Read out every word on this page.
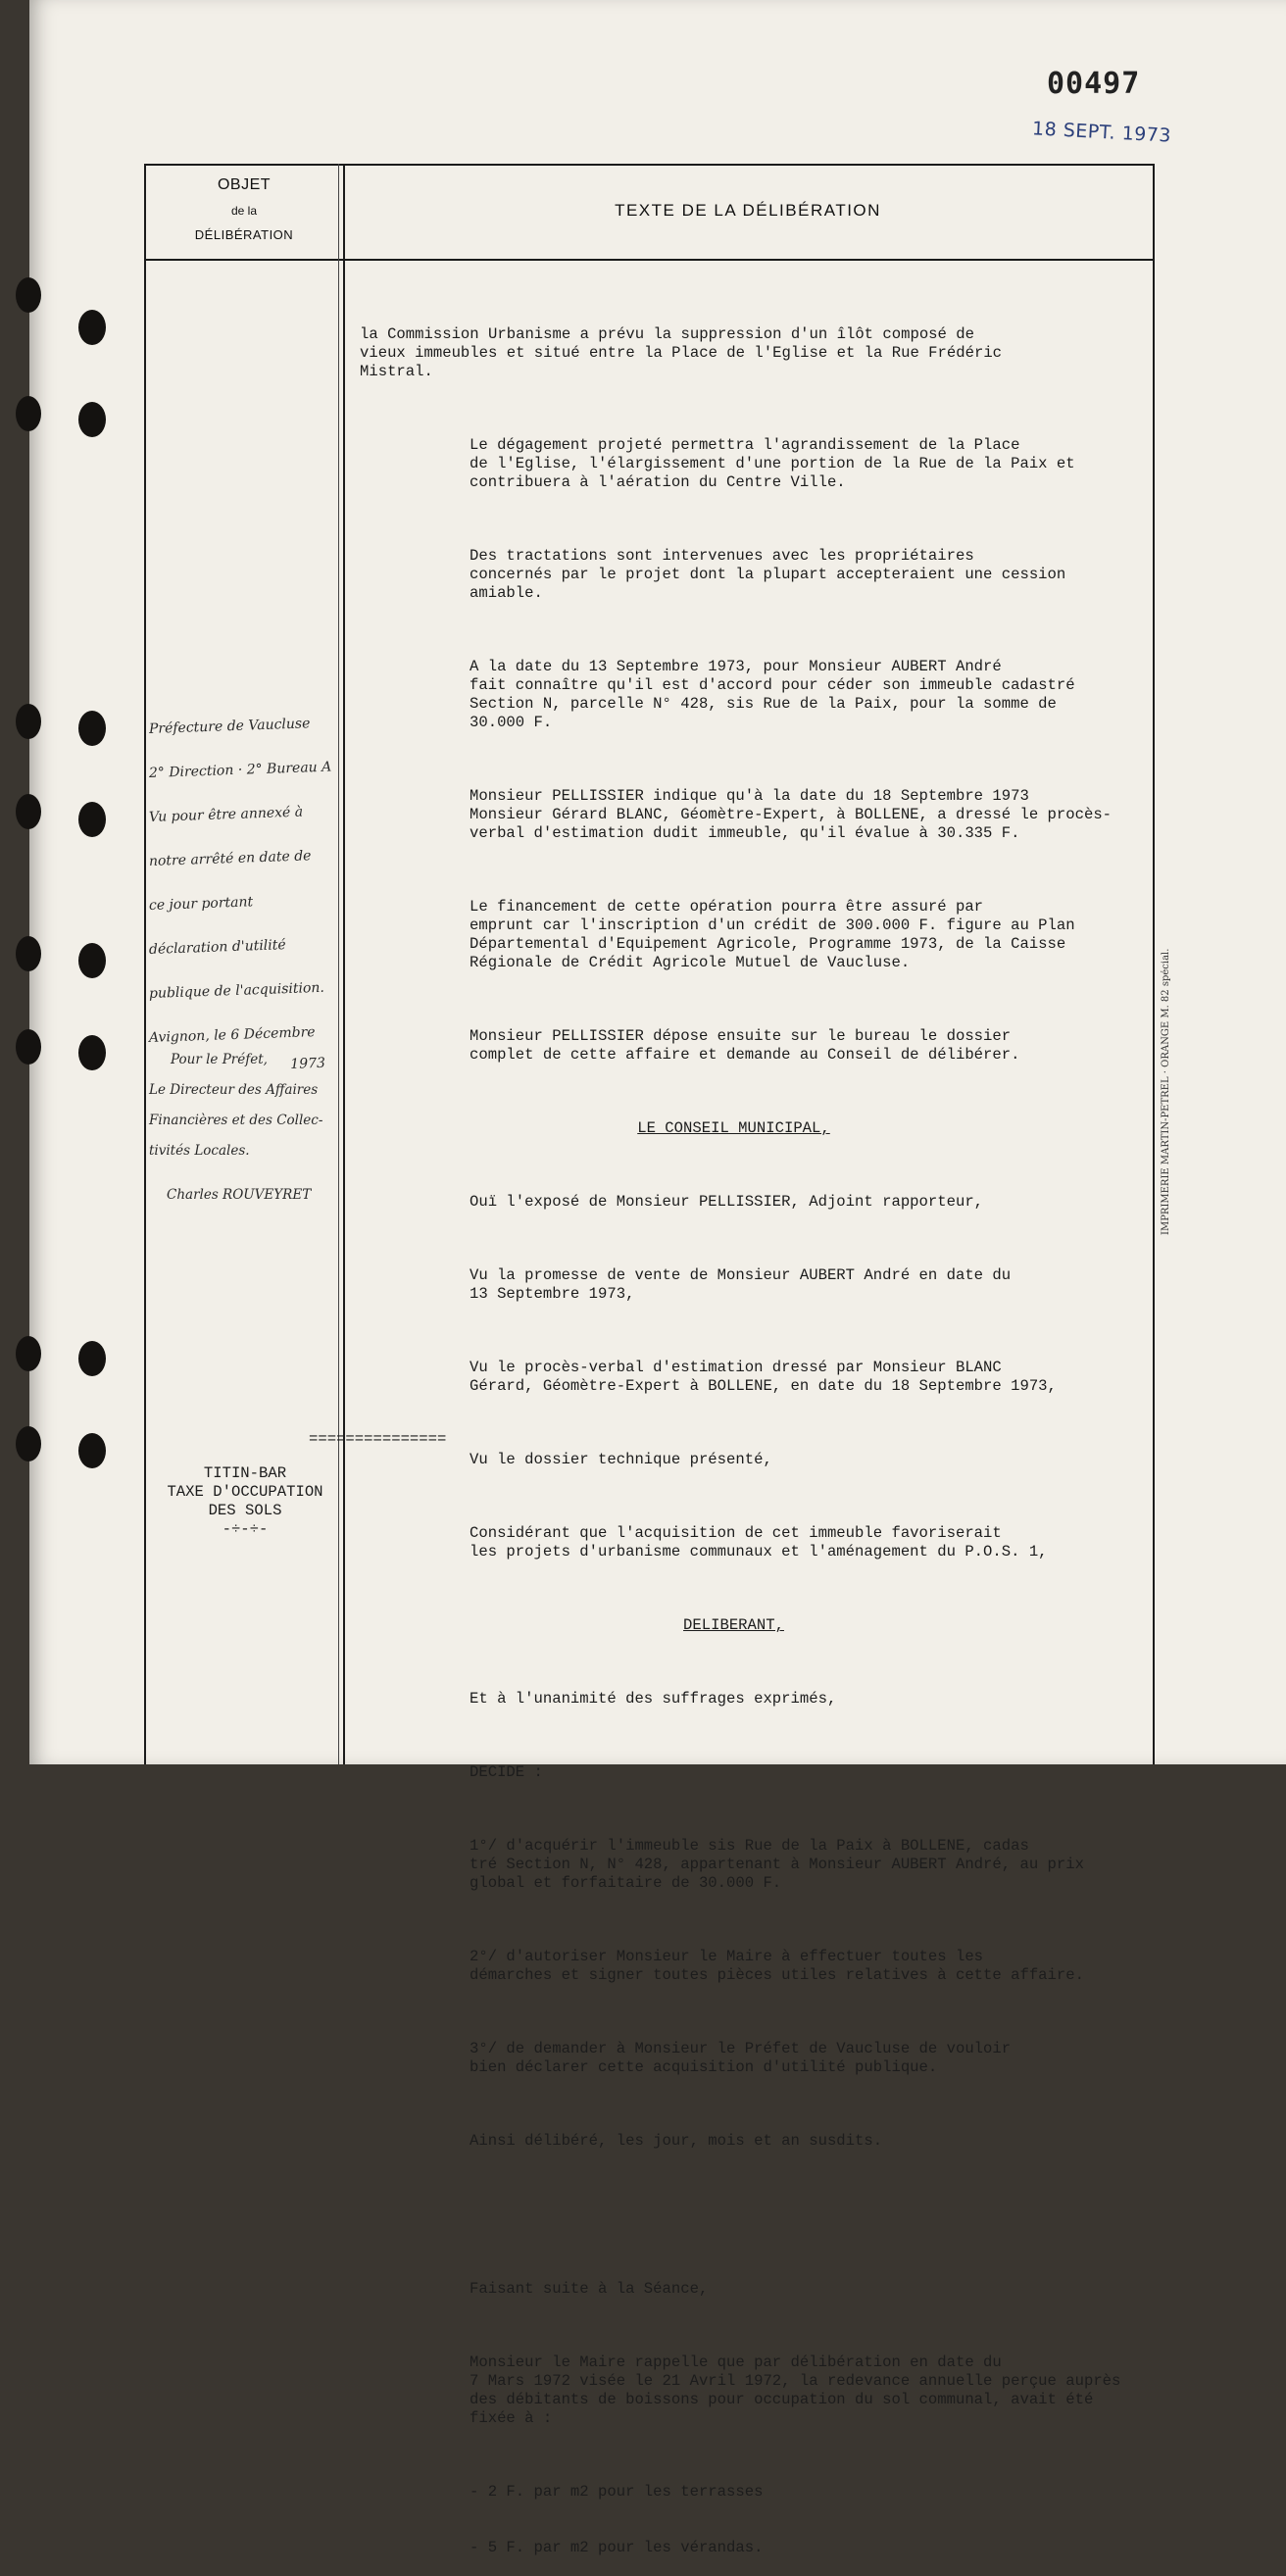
00497
18 SEPT. 1973
OBJET
de la
DÉLIBÉRATION
TEXTE DE LA DÉLIBÉRATION

la Commission Urbanisme a prévu la suppression d'un îlôt composé de
vieux immeubles et situé entre la Place de l'Eglise et la Rue Frédéric
Mistral.

Le dégagement projeté permettra l'agrandissement de la Place
de l'Eglise, l'élargissement d'une portion de la Rue de la Paix et
contribuera à l'aération du Centre Ville.

Des tractations sont intervenues avec les propriétaires
concernés par le projet dont la plupart accepteraient une cession
amiable.

A la date du 13 Septembre 1973, pour Monsieur AUBERT André
fait connaître qu'il est d'accord pour céder son immeuble cadastré
Section N, parcelle N° 428, sis Rue de la Paix, pour la somme de
30.000 F.

Monsieur PELLISSIER indique qu'à la date du 18 Septembre 1973
Monsieur Gérard BLANC, Géomètre-Expert, à BOLLENE, a dressé le procès-
verbal d'estimation dudit immeuble, qu'il évalue à 30.335 F.

Le financement de cette opération pourra être assuré par
emprunt car l'inscription d'un crédit de 300.000 F. figure au Plan
Départemental d'Equipement Agricole, Programme 1973, de la Caisse
Régionale de Crédit Agricole Mutuel de Vaucluse.

Monsieur PELLISSIER dépose ensuite sur le bureau le dossier
complet de cette affaire et demande au Conseil de délibérer.

LE CONSEIL MUNICIPAL,

Ouï l'exposé de Monsieur PELLISSIER, Adjoint rapporteur,

Vu la promesse de vente de Monsieur AUBERT André en date du
13 Septembre 1973,

Vu le procès-verbal d'estimation dressé par Monsieur BLANC
Gérard, Géomètre-Expert à BOLLENE, en date du 18 Septembre 1973,

Vu le dossier technique présenté,

Considérant que l'acquisition de cet immeuble favoriserait
les projets d'urbanisme communaux et l'aménagement du P.O.S. 1,

DELIBERANT,

Et à l'unanimité des suffrages exprimés,

DECIDE :

1°/ d'acquérir l'immeuble sis Rue de la Paix à BOLLENE, cadas
tré Section N, N° 428, appartenant à Monsieur AUBERT André, au prix
global et forfaitaire de 30.000 F.

2°/ d'autoriser Monsieur le Maire à effectuer toutes les
démarches et signer toutes pièces utiles relatives à cette affaire.

3°/ de demander à Monsieur le Préfet de Vaucluse de vouloir
bien déclarer cette acquisition d'utilité publique.

Ainsi délibéré, les jour, mois et an susdits.

Faisant suite à la Séance,

Monsieur le Maire rappelle que par délibération en date du
7 Mars 1972 visée le 21 Avril 1972, la redevance annuelle perçue auprès
des débitants de boissons pour occupation du sol communal, avait été
fixée à :

- 2 F. par m2 pour les terrasses

- 5 F. par m2 pour les vérandas.

===============
TITIN-BAR
TAXE D'OCCUPATION
DES SOLS
-÷-÷-
Préfecture de Vaucluse
2° Direction · 2° Bureau A
Vu pour être annexé à
notre arrêté en date de
ce jour portant
déclaration d'utilité
publique de l'acquisition.
Avignon, le 6 Décembre
1973
Pour le Préfet,
Le Directeur des Affaires
Financières et des Collec-
tivités Locales.
Charles ROUVEYRET	IMPRIMERIE MARTIN-PETREL · ORANGE M. 82 spécial.
